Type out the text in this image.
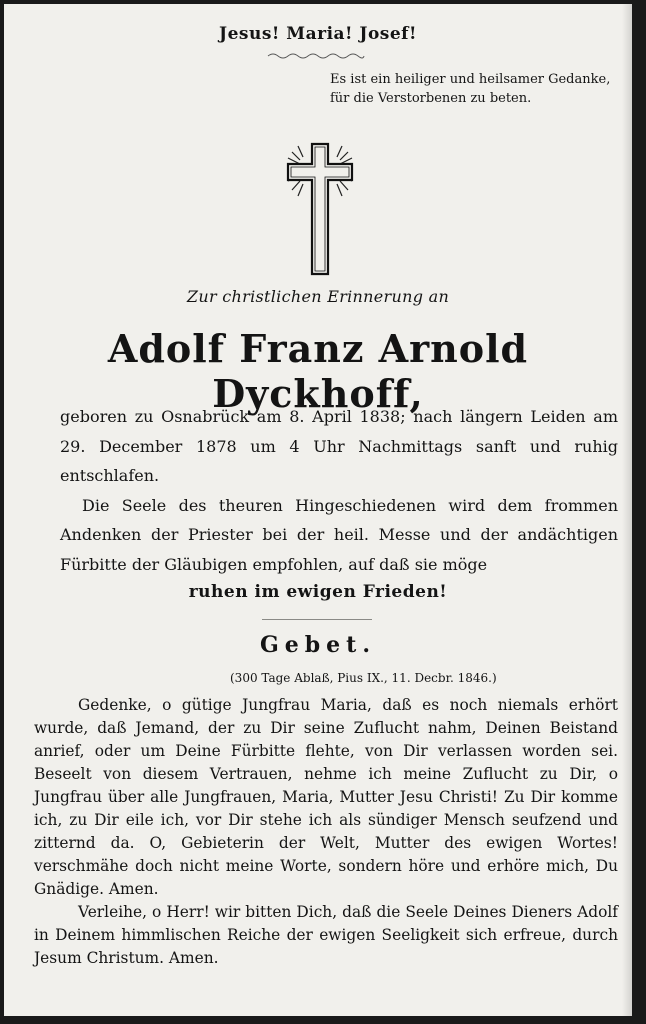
Jesus! Maria! Josef!
Es ist ein heiliger und heilsamer Gedanke, für die Verstorbenen zu beten.
Zur christlichen Erinnerung an
Adolf Franz Arnold Dyckhoff,

geboren zu Osnabrück am 8. April 1838; nach längern Leiden am 29. December 1878 um 4 Uhr Nachmittags sanft und ruhig entschlafen.

Die Seele des theuren Hingeschiedenen wird dem frommen Andenken der Priester bei der heil. Messe und der andächtigen Fürbitte der Gläubigen empfohlen, auf daß sie möge

ruhen im ewigen Frieden!
Gebet.
(300 Tage Ablaß, Pius IX., 11. Decbr. 1846.)

Gedenke, o gütige Jungfrau Maria, daß es noch niemals erhört wurde, daß Jemand, der zu Dir seine Zuflucht nahm, Deinen Beistand anrief, oder um Deine Fürbitte flehte, von Dir verlassen worden sei. Beseelt von diesem Vertrauen, nehme ich meine Zuflucht zu Dir, o Jungfrau über alle Jungfrauen, Maria, Mutter Jesu Christi! Zu Dir komme ich, zu Dir eile ich, vor Dir stehe ich als sündiger Mensch seufzend und zitternd da. O, Gebieterin der Welt, Mutter des ewigen Wortes! verschmähe doch nicht meine Worte, sondern höre und erhöre mich, Du Gnädige. Amen.

Verleihe, o Herr! wir bitten Dich, daß die Seele Deines Dieners Adolf in Deinem himmlischen Reiche der ewigen Seeligkeit sich erfreue, durch Jesum Christum. Amen.
